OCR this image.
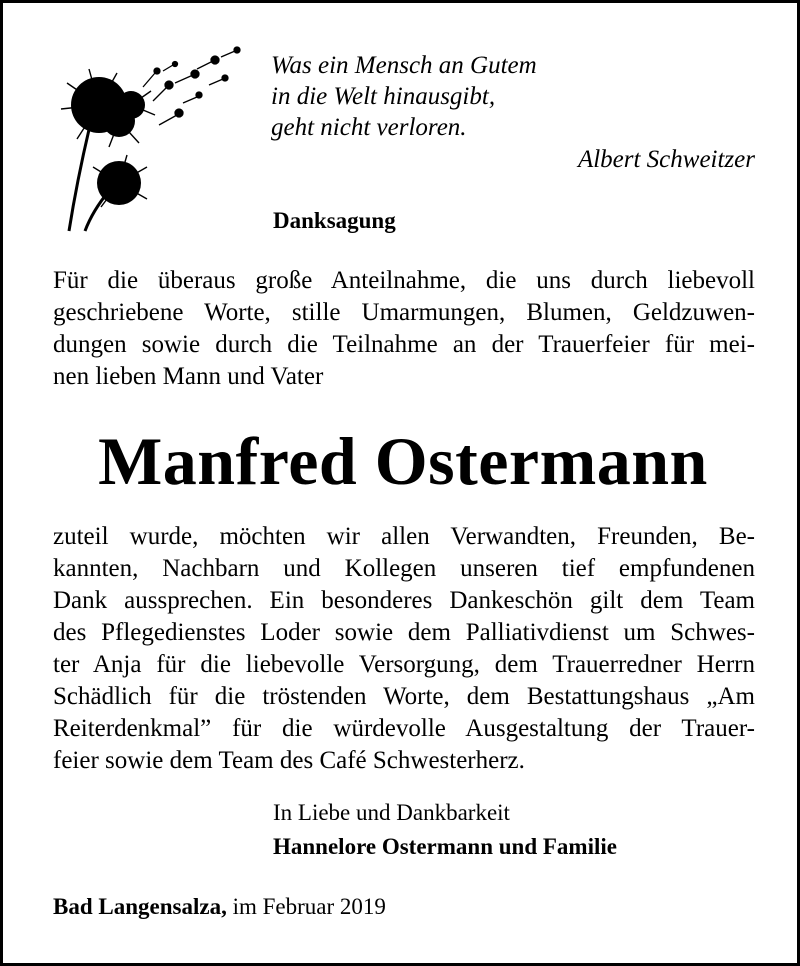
Was ein Mensch an Gutem
in die Welt hinausgibt,
geht nicht verloren.
Albert Schweitzer
Danksagung
Für die überaus große Anteilnahme, die uns durch liebevoll
geschriebene Worte, stille Umarmungen, Blumen, Geldzuwen-
dungen sowie durch die Teilnahme an der Trauerfeier für mei-
nen lieben Mann und Vater
Manfred Ostermann
zuteil wurde, möchten wir allen Verwandten, Freunden, Be-
kannten, Nachbarn und Kollegen unseren tief empfundenen
Dank aussprechen. Ein besonderes Dankeschön gilt dem Team
des Pflegedienstes Loder sowie dem Palliativdienst um Schwes-
ter Anja für die liebevolle Versorgung, dem Trauerredner Herrn
Schädlich für die tröstenden Worte, dem Bestattungshaus „Am
Reiterdenkmal” für die würdevolle Ausgestaltung der Trauer-
feier sowie dem Team des Café Schwesterherz.
In Liebe und Dankbarkeit
Hannelore Ostermann und Familie
Bad Langensalza, im Februar 2019
